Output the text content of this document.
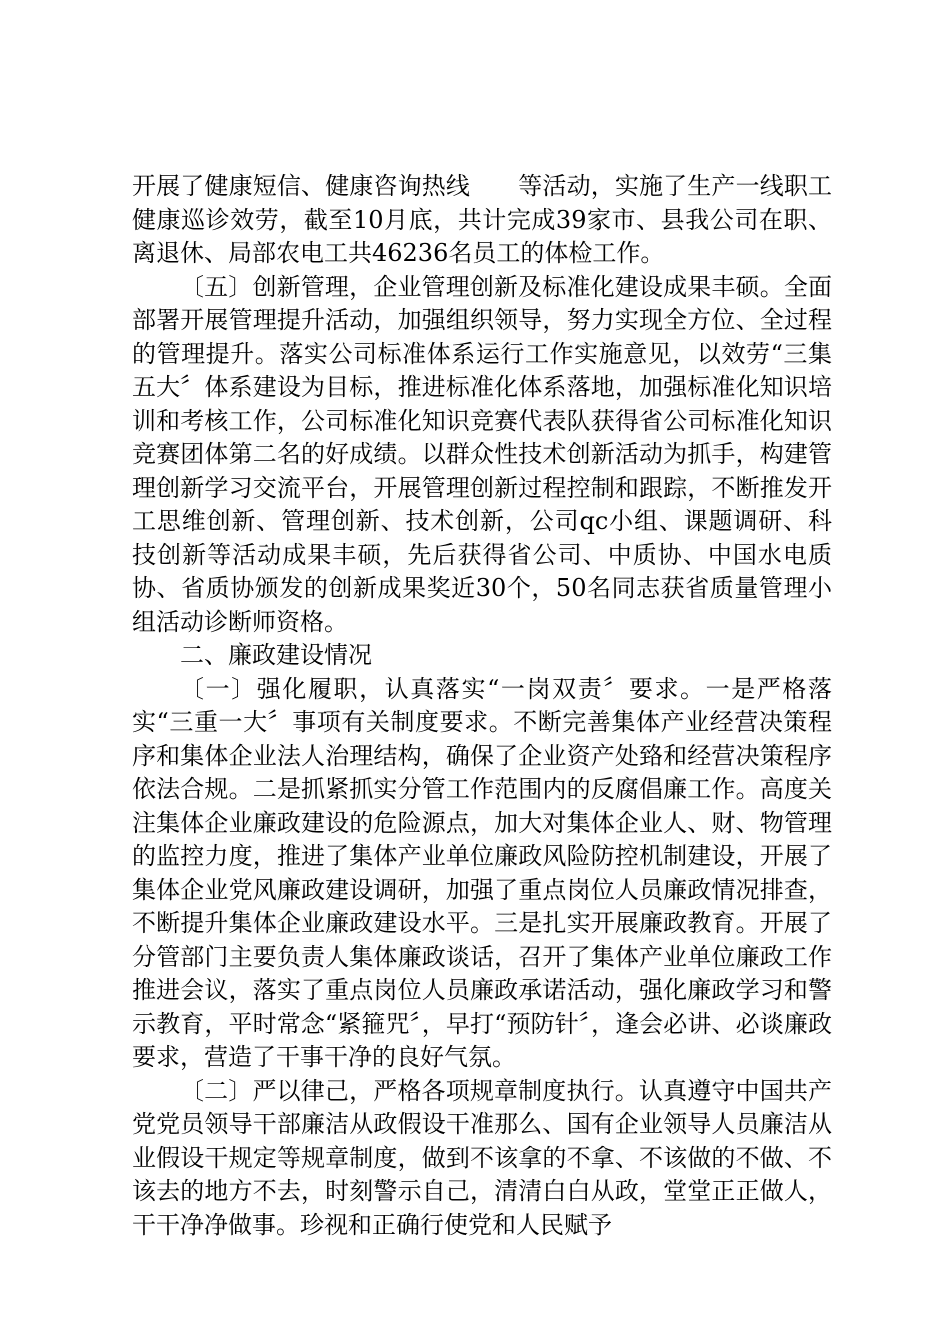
开展了健康短信、健康咨询热线　　等活动，实施了生产一线职工健康巡诊效劳，截至10月底，共计完成39家市、县我公司在职、离退休、局部农电工共46236名员工的体检工作。

〔五〕创新管理，企业管理创新及标准化建设成果丰硕。全面部署开展管理提升活动，加强组织领导，努力实现全方位、全过程的管理提升。落实公司标准体系运行工作实施意见，以效劳“三集五大〞体系建设为目标，推进标准化体系落地，加强标准化知识培训和考核工作，公司标准化知识竞赛代表队获得省公司标准化知识竞赛团体第二名的好成绩。以群众性技术创新活动为抓手，构建管理创新学习交流平台，开展管理创新过程控制和跟踪，不断推发开工思维创新、管理创新、技术创新，公司qc小组、课题调研、科技创新等活动成果丰硕，先后获得省公司、中质协、中国水电质协、省质协颁发的创新成果奖近30个，50名同志获省质量管理小组活动诊断师资格。

二、廉政建设情况

〔一〕强化履职，认真落实“一岗双责〞要求。一是严格落实“三重一大〞事项有关制度要求。不断完善集体产业经营决策程序和集体企业法人治理结构，确保了企业资产处臵和经营决策程序依法合规。二是抓紧抓实分管工作范围内的反腐倡廉工作。高度关注集体企业廉政建设的危险源点，加大对集体企业人、财、物管理的监控力度，推进了集体产业单位廉政风险防控机制建设，开展了集体企业党风廉政建设调研，加强了重点岗位人员廉政情况排查，不断提升集体企业廉政建设水平。三是扎实开展廉政教育。开展了分管部门主要负责人集体廉政谈话，召开了集体产业单位廉政工作推进会议，落实了重点岗位人员廉政承诺活动，强化廉政学习和警示教育，平时常念“紧箍咒〞，早打“预防针〞，逢会必讲、必谈廉政要求，营造了干事干净的良好气氛。

〔二〕严以律己，严格各项规章制度执行。认真遵守中国共产党党员领导干部廉洁从政假设干准那么、国有企业领导人员廉洁从业假设干规定等规章制度，做到不该拿的不拿、不该做的不做、不该去的地方不去，时刻警示自己，清清白白从政，堂堂正正做人，干干净净做事。珍视和正确行使党和人民赋予
